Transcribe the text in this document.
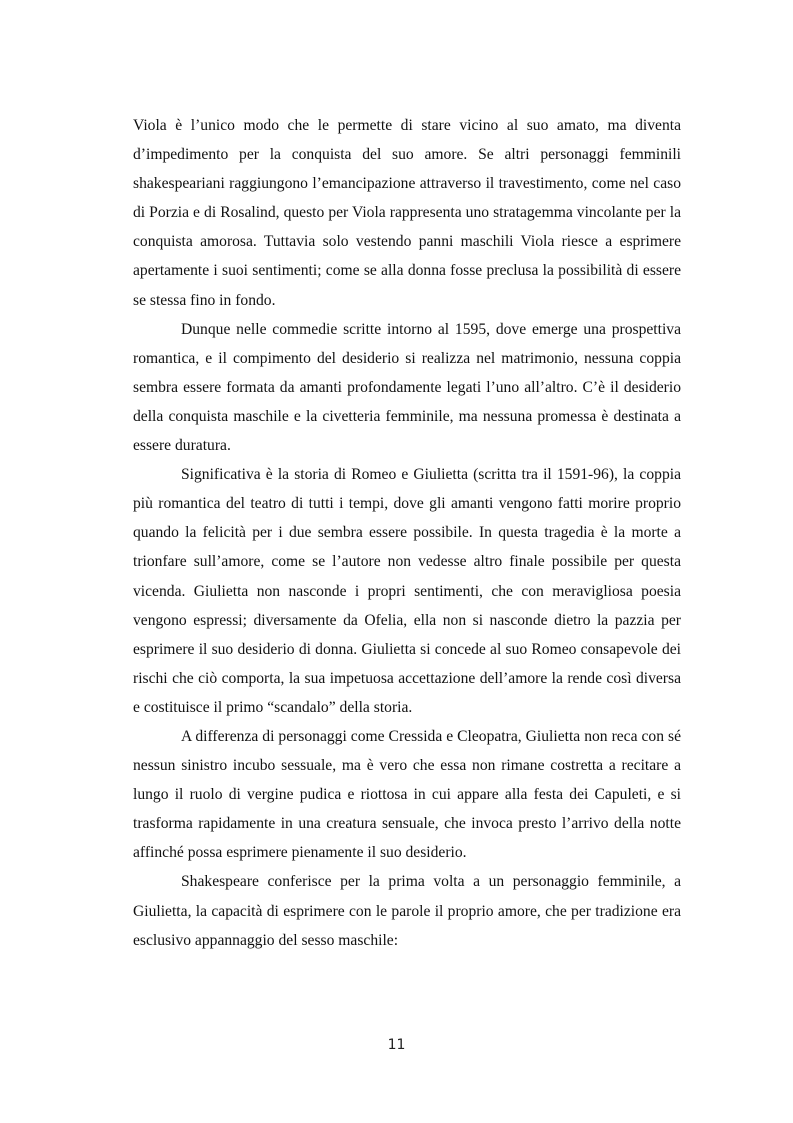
Viola è l’unico modo che le permette di stare vicino al suo amato, ma diventa d’impedimento per la conquista del suo amore. Se altri personaggi femminili shakespeariani raggiungono l’emancipazione attraverso il travestimento, come nel caso di Porzia e di Rosalind, questo per Viola rappresenta uno stratagemma vincolante per la conquista amorosa. Tuttavia solo vestendo panni maschili Viola riesce a esprimere apertamente i suoi sentimenti; come se alla donna fosse preclusa la possibilità di essere se stessa fino in fondo.

Dunque nelle commedie scritte intorno al 1595, dove emerge una prospettiva romantica, e il compimento del desiderio si realizza nel matrimonio, nessuna coppia sembra essere formata da amanti profondamente legati l’uno all’altro. C’è il desiderio della conquista maschile e la civetteria femminile, ma nessuna promessa è destinata a essere duratura.

Significativa è la storia di Romeo e Giulietta (scritta tra il 1591-96), la coppia più romantica del teatro di tutti i tempi, dove gli amanti vengono fatti morire proprio quando la felicità per i due sembra essere possibile. In questa tragedia è la morte a trionfare sull’amore, come se l’autore non vedesse altro finale possibile per questa vicenda. Giulietta non nasconde i propri sentimenti, che con meravigliosa poesia vengono espressi; diversamente da Ofelia, ella non si nasconde dietro la pazzia per esprimere il suo desiderio di donna. Giulietta si concede al suo Romeo consapevole dei rischi che ciò comporta, la sua impetuosa accettazione dell’amore la rende così diversa e costituisce il primo “scandalo” della storia.

A differenza di personaggi come Cressida e Cleopatra, Giulietta non reca con sé nessun sinistro incubo sessuale, ma è vero che essa non rimane costretta a recitare a lungo il ruolo di vergine pudica e riottosa in cui appare alla festa dei Capuleti, e si trasforma rapidamente in una creatura sensuale, che invoca presto l’arrivo della notte affinché possa esprimere pienamente il suo desiderio.

Shakespeare conferisce per la prima volta a un personaggio femminile, a Giulietta, la capacità di esprimere con le parole il proprio amore, che per tradizione era esclusivo appannaggio del sesso maschile:

11
